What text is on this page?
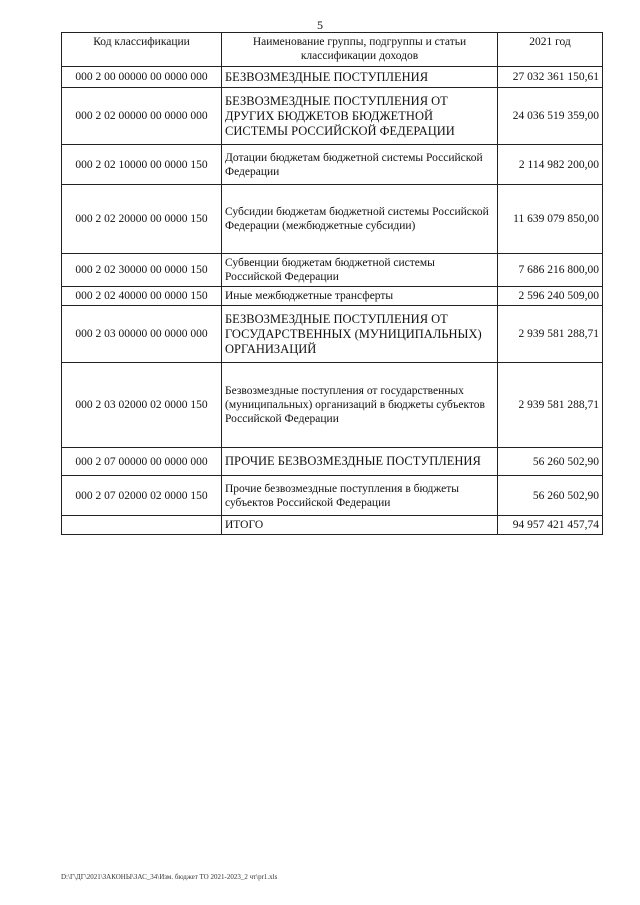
5
Код классификации	Наименование группы, подгруппы и статьи классификации доходов	2021 год
000 2 00 00000 00 0000 000	БЕЗВОЗМЕЗДНЫЕ ПОСТУПЛЕНИЯ	27 032 361 150,61
000 2 02 00000 00 0000 000	БЕЗВОЗМЕЗДНЫЕ ПОСТУПЛЕНИЯ ОТ ДРУГИХ БЮДЖЕТОВ БЮДЖЕТНОЙ СИСТЕМЫ РОССИЙСКОЙ ФЕДЕРАЦИИ	24 036 519 359,00
000 2 02 10000 00 0000 150	Дотации бюджетам бюджетной системы Российской Федерации	2 114 982 200,00
000 2 02 20000 00 0000 150	Субсидии бюджетам бюджетной системы Российской Федерации (межбюджетные субсидии)	11 639 079 850,00
000 2 02 30000 00 0000 150	Субвенции бюджетам бюджетной системы Российской Федерации	7 686 216 800,00
000 2 02 40000 00 0000 150	Иные межбюджетные трансферты	2 596 240 509,00
000 2 03 00000 00 0000 000	БЕЗВОЗМЕЗДНЫЕ ПОСТУПЛЕНИЯ ОТ ГОСУДАРСТВЕННЫХ (МУНИЦИПАЛЬНЫХ) ОРГАНИЗАЦИЙ	2 939 581 288,71
000 2 03 02000 02 0000 150	Безвозмездные поступления от государственных (муниципальных) организаций в бюджеты субъектов Российской Федерации	2 939 581 288,71
000 2 07 00000 00 0000 000	ПРОЧИЕ БЕЗВОЗМЕЗДНЫЕ ПОСТУПЛЕНИЯ	56 260 502,90
000 2 07 02000 02 0000 150	Прочие безвозмездные поступления в бюджеты субъектов Российской Федерации	56 260 502,90
	ИТОГО	94 957 421 457,74
D:\Г\ДГ\2021\ЗАКОНЫ\ЗАС_34\Изм. бюджет ТО 2021-2023_2 чт\pr1.xls
